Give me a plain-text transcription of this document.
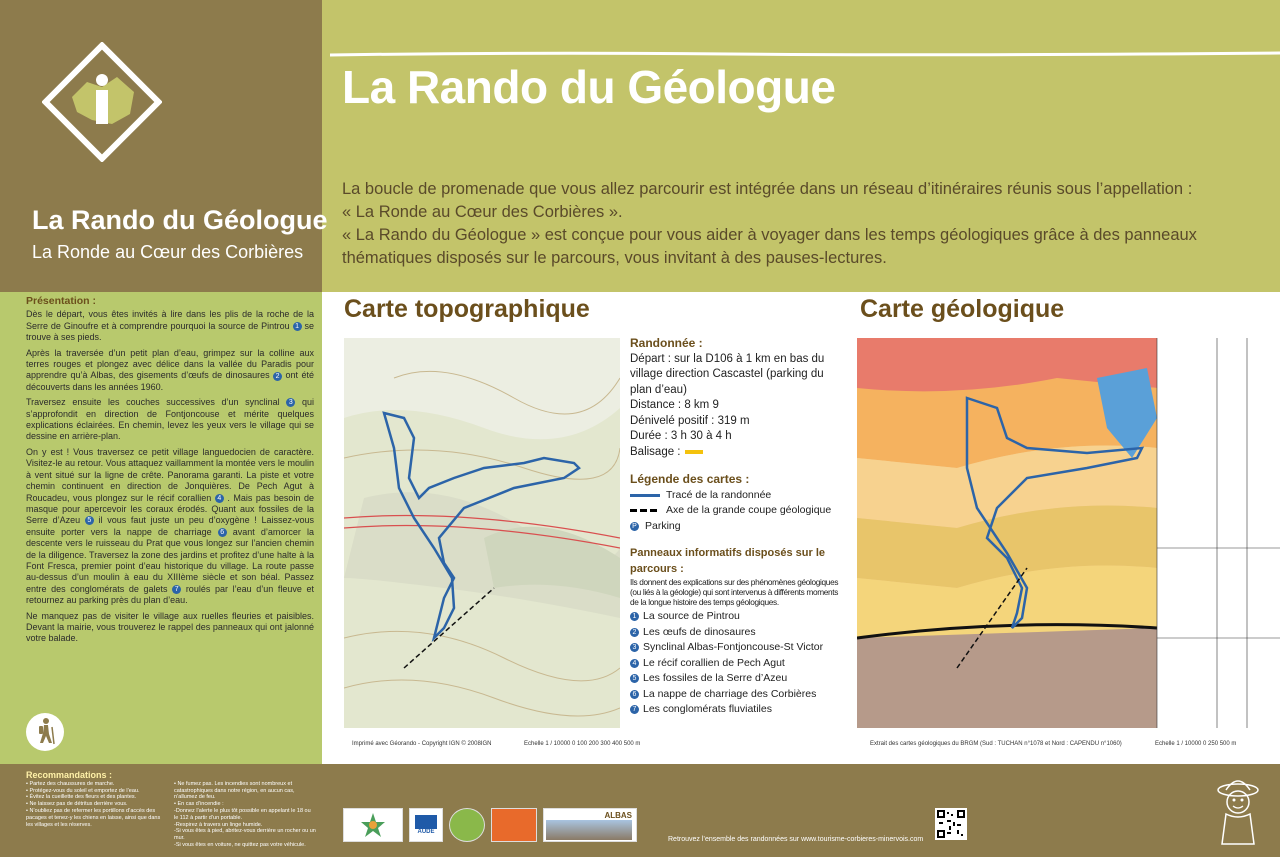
La Rando du Géologue
La Ronde au Cœur des Corbières
La Rando du Géologue

La boucle de promenade que vous allez parcourir est intégrée dans un réseau d’itinéraires réunis sous l’appellation :

« La Ronde au Cœur des Corbières ».

« La Rando du Géologue » est conçue pour vous aider à voyager dans les temps géologiques grâce à des panneaux thématiques disposés sur le parcours, vous invitant à des pauses-lectures.

Présentation :

Dès le départ, vous êtes invités à lire dans les plis de la roche de la Serre de Ginoufre et à comprendre pourquoi la source de Pintrou 1 se trouve à ses pieds.

Après la traversée d’un petit plan d’eau, grimpez sur la colline aux terres rouges et plongez avec délice dans la vallée du Paradis pour apprendre qu’à Albas, des gisements d’œufs de dinosaures 2 ont été découverts dans les années 1960.

Traversez ensuite les couches successives d’un synclinal 3 qui s’approfondit en direction de Fontjoncouse et mérite quelques explications éclairées. En chemin, levez les yeux vers le village qui se dessine en arrière-plan.

On y est ! Vous traversez ce petit village languedocien de caractère. Visitez-le au retour. Vous attaquez vaillamment la montée vers le moulin à vent situé sur la ligne de crête. Panorama garanti. La piste et votre chemin continuent en direction de Jonquières. De Pech Agut à Roucadeu, vous plongez sur le récif corallien 4 . Mais pas besoin de masque pour apercevoir les coraux érodés. Quant aux fossiles de la Serre d’Azeu 5 il vous faut juste un peu d’oxygène ! Laissez-vous ensuite porter vers la nappe de charriage 6 avant d’amorcer la descente vers le ruisseau du Prat que vous longez sur l’ancien chemin de la diligence. Traversez la zone des jardins et profitez d’une halte à la Font Fresca, premier point d’eau historique du village. La route passe au-dessus d’un moulin à eau du XIIIème siècle et son béal. Passez entre des conglomérats de galets 7 roulés par l’eau d’un fleuve et retournez au parking près du plan d’eau.

Ne manquez pas de visiter le village aux ruelles fleuries et paisibles. Devant la mairie, vous trouverez le rappel des panneaux qui ont jalonné votre balade.

Carte topographique
Imprimé avec Géorando - Copyright IGN © 2008IGN	Echelle 1 / 10000 0 100 200 300 400 500 m
Randonnée :
Départ : sur la D106 à 1 km en bas du village direction Cascastel (parking du plan d’eau)
Distance : 8 km 9
Dénivelé positif : 319 m
Durée : 3 h 30 à 4 h
Balisage :
Légende des cartes :
Tracé de la randonnée
Axe de la grande coupe géologique
P Parking
Panneaux informatifs disposés sur le parcours :
Ils donnent des explications sur des phénomènes géologiques (ou liés à la géologie) qui sont intervenus à différents moments de la longue histoire des temps géologiques.
1 La source de Pintrou
2 Les œufs de dinosaures
3 Synclinal Albas-Fontjoncouse-St Victor
4 Le récif corallien de Pech Agut
5 Les fossiles de la Serre d’Azeu
6 La nappe de charriage des Corbières
7 Les conglomérats fluviatiles
Carte géologique
Extrait des cartes géologiques du BRGM (Sud : TUCHAN n°1078 et Nord : CAPENDU n°1060)	Echelle 1 / 10000 0 250 500 m
Recommandations :
• Partez des chaussures de marche.
• Protégez-vous du soleil et emportez de l’eau.
• Évitez la cueillette des fleurs et des plantes.
• Ne laissez pas de détritus derrière vous.
• N’oubliez pas de refermer les portillons d’accès des pacages et tenez-y les chiens en laisse, ainsi que dans les villages et les réserves.
• Ne fumez pas. Les incendies sont nombreux et catastrophiques dans notre région, en aucun cas, n’allumez de feu.
• En cas d’incendie :
-Donnez l’alerte le plus tôt possible en appelant le 18 ou le 112 à partir d’un portable.
-Respirez à travers un linge humide.
-Si vous êtes à pied, abritez-vous derrière un rocher ou un mur.
-Si vous êtes en voiture, ne quittez pas votre véhicule.
AUDE
ALBAS
Retrouvez l’ensemble des randonnées sur www.tourisme-corbieres-minervois.com
